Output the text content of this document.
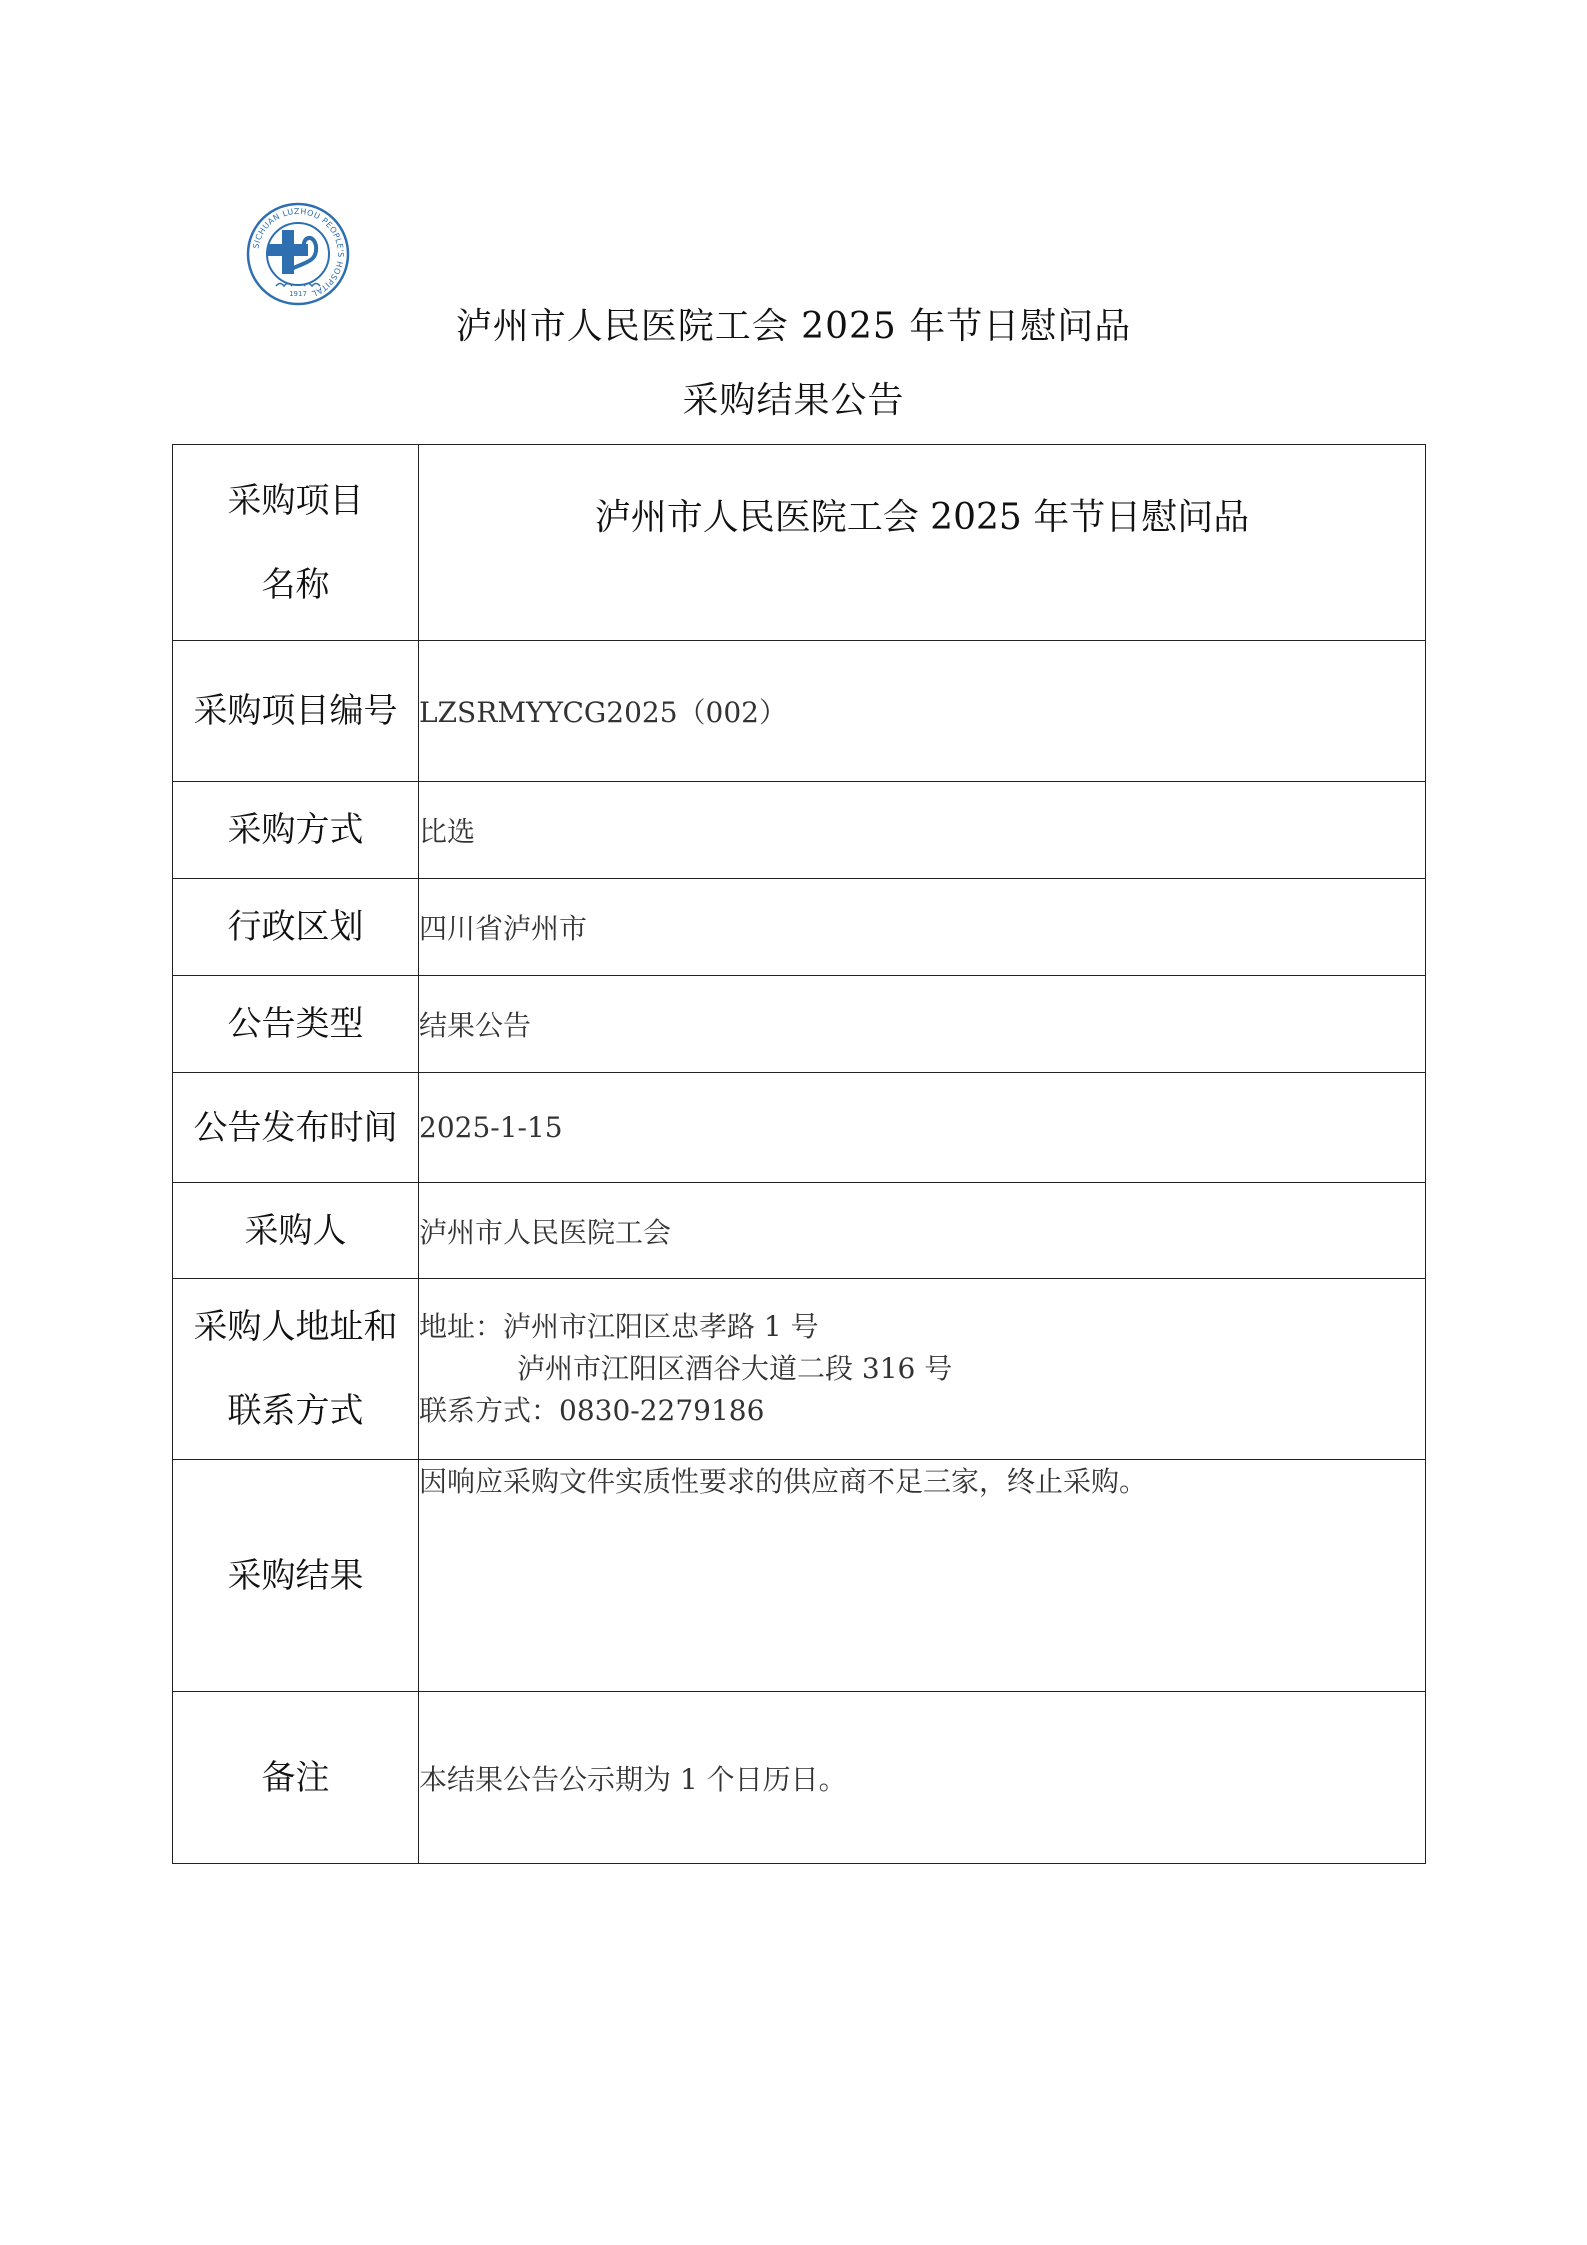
SICHUAN LUZHOU PEOPLE'S HOSPITAL
1917
泸州市人民医院工会 2025 年节日慰问品
采购结果公告
采购项目
名称	泸州市人民医院工会 2025 年节日慰问品
采购项目编号	LZSRMYYCG2025（002）
采购方式	比选
行政区划	四川省泸州市
公告类型	结果公告
公告发布时间	2025-1-15
采购人	泸州市人民医院工会

采购人地址和
联系方式	地址：泸州市江阳区忠孝路 1 号
泸州市江阳区酒谷大道二段 316 号
联系方式：0830-2279186

采购结果	因响应采购文件实质性要求的供应商不足三家，终止采购。
备注	本结果公告公示期为 1 个日历日。
